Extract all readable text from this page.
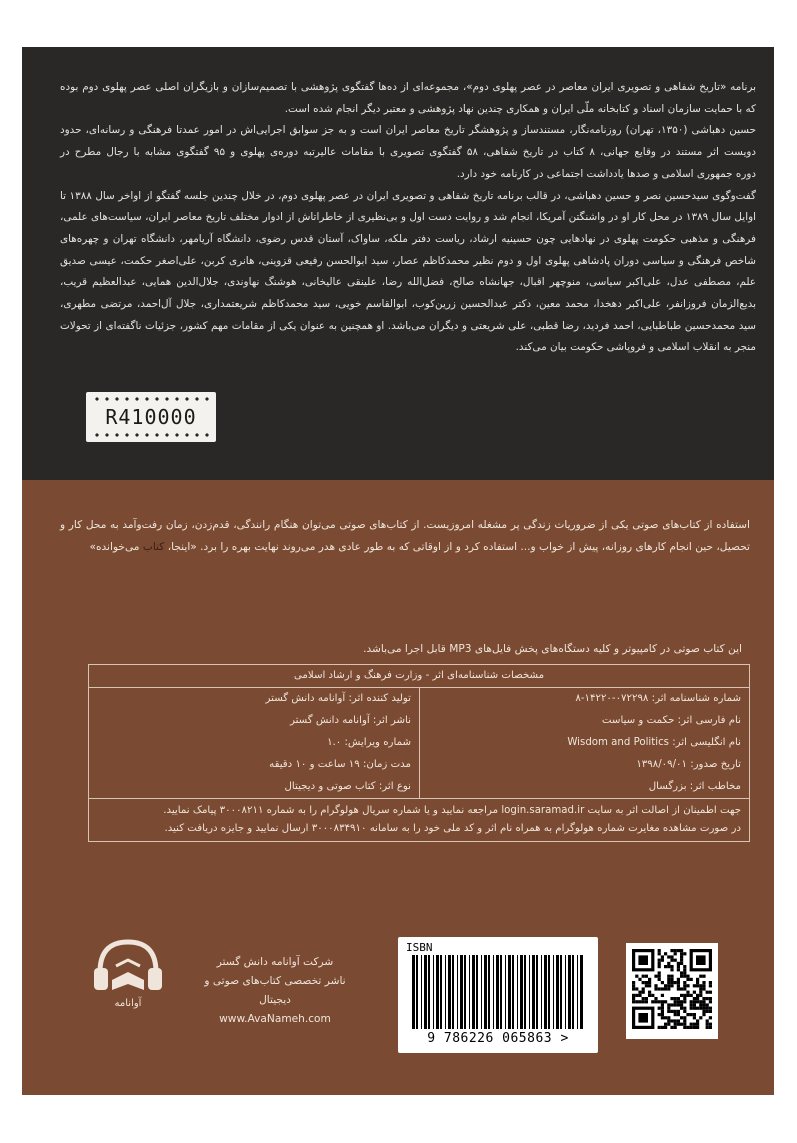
برنامه «تاریخ شفاهی و تصویری ایران معاصر در عصر پهلوی دوم»، مجموعه‌ای از ده‌ها گفتگوی پژوهشی با تصمیم‌سازان و بازیگران اصلی عصر پهلوی دوم بوده که با حمایت سازمان اسناد و کتابخانه ملّی ایران و همکاری چندین نهاد پژوهشی و معتبر دیگر انجام شده است.

حسین دهباشی (۱۳۵۰، تهران) روزنامه‌نگار، مستندساز و پژوهشگر تاریخ معاصر ایران است و به جز سوابق اجرایی‌اش در امور عمدتا فرهنگی و رسانه‌ای، حدود دویست اثر مستند در وقایع جهانی، ۸ کتاب در تاریخ شفاهی، ۵۸ گفتگوی تصویری با مقامات عالیرتبه دوره‌ی پهلوی و ۹۵ گفتگوی مشابه با رجال مطرح در دوره جمهوری اسلامی و صدها یادداشت اجتماعی در کارنامه خود دارد.

گفت‌وگوی سیدحسین نصر و حسین دهباشی، در قالب برنامه تاریخ شفاهی و تصویری ایران در عصر پهلوی دوم، در خلال چندین جلسه گفتگو از اواخر سال ۱۳۸۸ تا اوایل سال ۱۳۸۹ در محل کار او در واشنگتن آمریکا، انجام شد و روایت دست اول و بی‌نظیری از خاطراتاش از ادوار مختلف تاریخ معاصر ایران، سیاست‌های علمی، فرهنگی و مذهبی حکومت پهلوی در نهادهایی چون حسینیه ارشاد، ریاست دفتر ملکه، ساواک، آستان قدس رضوی، دانشگاه آریامهر، دانشگاه تهران و چهره‌های شاخص فرهنگی و سیاسی دوران پادشاهی پهلوی اول و دوم نظیر محمدکاظم عصار، سید ابوالحسن رفیعی قزوینی، هانری کربن، علی‌اصغر حکمت، عیسی صدیق علم، مصطفی عدل، علی‌اکبر سیاسی، منوچهر اقبال، جهانشاه صالح، فضل‌الله رضا، علینقی عالیخانی، هوشنگ نهاوندی، جلال‌الدین همایی، عبدالعظیم قریب، بدیع‌الزمان فروزانفر، علی‌اکبر دهخدا، محمد معین، دکتر عبدالحسین زرین‌کوب، ابوالقاسم خویی، سید محمدکاظم شریعتمداری، جلال آل‌احمد، مرتضی مطهری، سید محمدحسین طباطبایی، احمد فردید، رضا قطبی، علی شریعتی و دیگران می‌باشد. او همچنین به عنوان یکی از مقامات مهم کشور، جزئیات ناگفته‌ای از تحولات منجر به انقلاب اسلامی و فروپاشی حکومت بیان می‌کند.

R410000

استفاده از کتاب‌های صوتی یکی از ضروریات زندگی پر مشغله امروزیست. از کتاب‌های صوتی می‌توان هنگام رانندگی، قدم‌زدن، زمان رفت‌وآمد به محل کار و تحصیل، حین انجام کارهای روزانه، پیش از خواب و... استفاده کرد و از اوقاتی که به طور عادی هدر می‌روند نهایت بهره را برد. «اینجا، کتاب می‌خوانده»

این کتاب صوتی در کامپیوتر و کلیه دستگاه‌های پخش فایل‌های MP3 قابل اجرا می‌باشد.
مشخصات شناسنامه‌ای اثر - وزارت فرهنگ و ارشاد اسلامی
شماره شناسنامه اثر: ۰۷۲۲۹۸-۱۴۲۲۰-۸
تولید کننده اثر: آوانامه دانش گستر
نام فارسی اثر: حکمت و سیاست
ناشر اثر: آوانامه دانش گستر
نام انگلیسی اثر: Wisdom and Politics
شماره ویرایش: ۱.۰
تاریخ صدور: ۱۳۹۸/۰۹/۰۱
مدت زمان: ۱۹ ساعت و ۱۰ دقیقه
مخاطب اثر: بزرگسال
نوع اثر: کتاب صوتی و دیجیتال
جهت اطمینان از اصالت اثر به سایت login.saramad.ir مراجعه نمایید و یا شماره سریال هولوگرام را به شماره ۳۰۰۰۸۲۱۱ پیامک نمایید.
در صورت مشاهده مغایرت شماره هولوگرام به همراه نام اثر و کد ملی خود را به سامانه ۳۰۰۰۸۳۴۹۱۰ ارسال نمایید و جایزه دریافت کنید.
آوانامه
شرکت آوانامه دانش گستر
ناشر تخصصی کتاب‌های صوتی و دیجیتال
www.AvaNameh.com
ISBN
9 786226 065863 >
